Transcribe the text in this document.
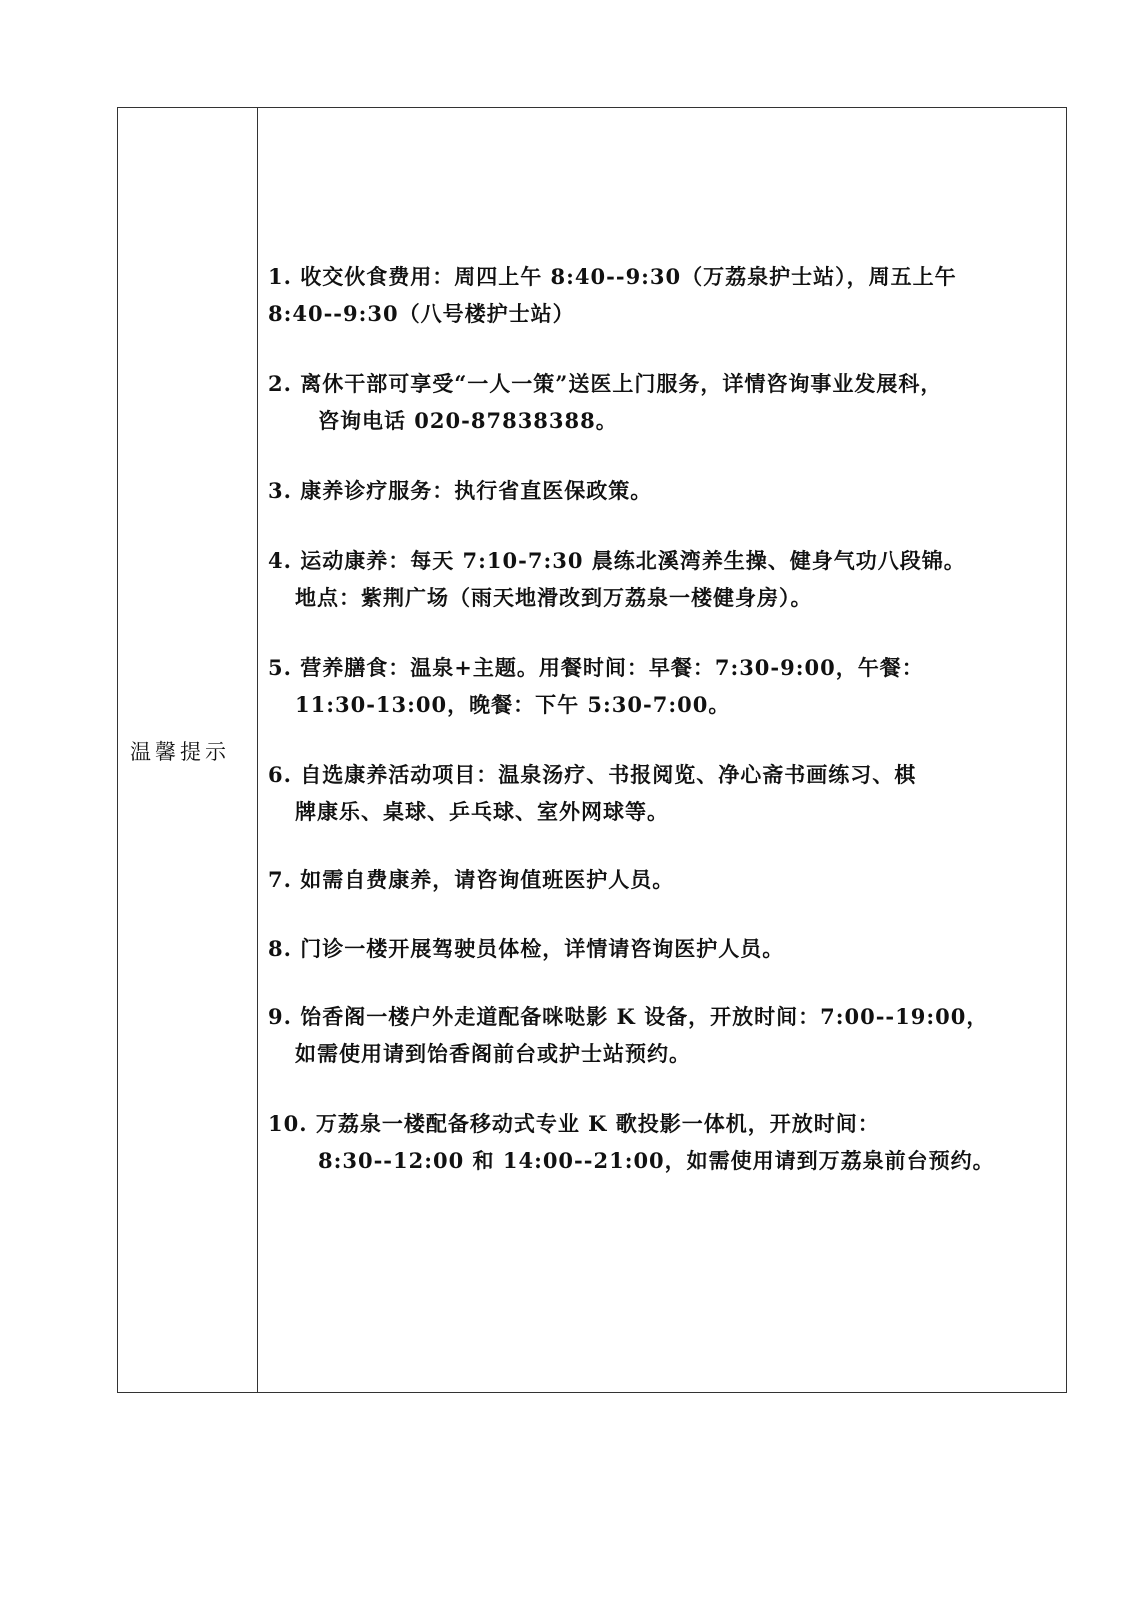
温馨提示
1. 收交伙食费用：周四上午 8:40--9:30（万荔泉护士站），周五上午
8:40--9:30（八号楼护士站）
2. 离休干部可享受“一人一策”送医上门服务，详情咨询事业发展科，
咨询电话 020-87838388。
3. 康养诊疗服务：执行省直医保政策。
4. 运动康养：每天 7:10-7:30 晨练北溪湾养生操、健身气功八段锦。
地点：紫荆广场（雨天地滑改到万荔泉一楼健身房）。
5. 营养膳食：温泉+主题。用餐时间：早餐：7:30-9:00，午餐：
11:30-13:00，晚餐：下午 5:30-7:00。
6. 自选康养活动项目：温泉汤疗、书报阅览、净心斋书画练习、棋
牌康乐、桌球、乒乓球、室外网球等。
7. 如需自费康养，请咨询值班医护人员。
8. 门诊一楼开展驾驶员体检，详情请咨询医护人员。
9. 饴香阁一楼户外走道配备咪哒影 K 设备，开放时间：7:00--19:00，
如需使用请到饴香阁前台或护士站预约。
10. 万荔泉一楼配备移动式专业 K 歌投影一体机，开放时间：
8:30--12:00 和 14:00--21:00，如需使用请到万荔泉前台预约。
